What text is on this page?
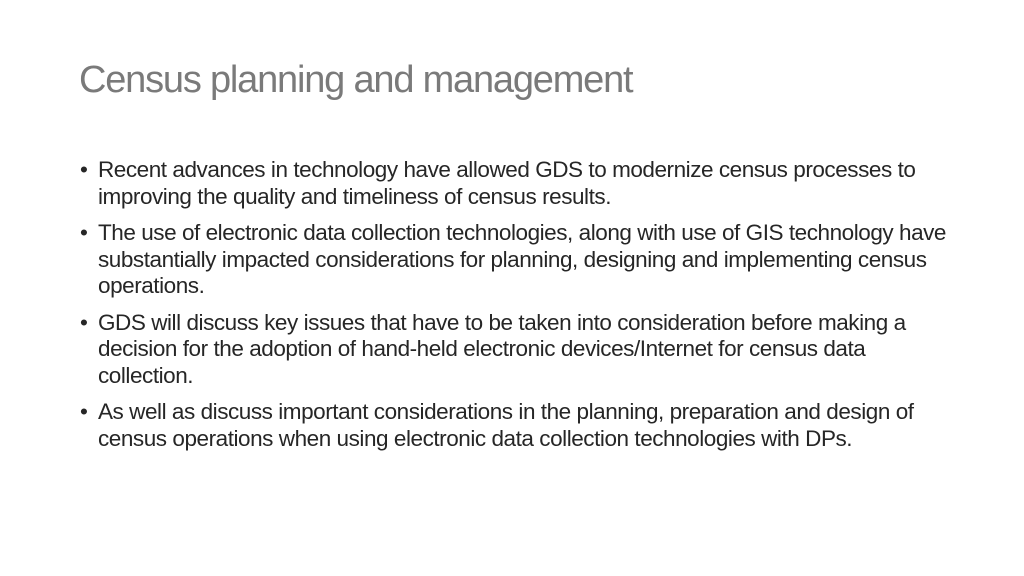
Census planning and management
• Recent advances in technology have allowed GDS to modernize census processes to improving the quality and timeliness of census results.
• The use of electronic data collection technologies, along with use of GIS technology have substantially impacted considerations for planning, designing and implementing census operations.
• GDS will discuss key issues that have to be taken into consideration before making a decision for the adoption of hand-held electronic devices/Internet for census data collection.
• As well as discuss important considerations in the planning, preparation and design of census operations when using electronic data collection technologies with DPs.
